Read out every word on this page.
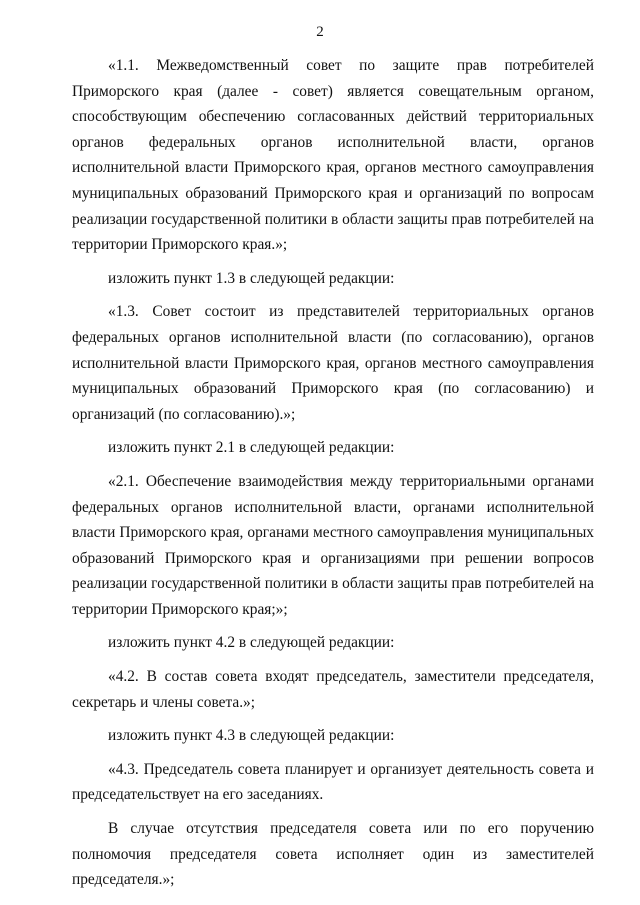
2

«1.1. Межведомственный совет по защите прав потребителей Приморского края (далее - совет) является совещательным органом, способствующим обеспечению согласованных действий территориальных органов федеральных органов исполнительной власти, органов исполнительной власти Приморского края, органов местного самоуправления муниципальных образований Приморского края и организаций по вопросам реализации государственной политики в области защиты прав потребителей на территории Приморского края.»;

изложить пункт 1.3 в следующей редакции:

«1.3. Совет состоит из представителей территориальных органов федеральных органов исполнительной власти (по согласованию), органов исполнительной власти Приморского края, органов местного самоуправления муниципальных образований Приморского края (по согласованию) и организаций (по согласованию).»;

изложить пункт 2.1 в следующей редакции:

«2.1. Обеспечение взаимодействия между территориальными органами федеральных органов исполнительной власти, органами исполнительной власти Приморского края, органами местного самоуправления муниципальных образований Приморского края и организациями при решении вопросов реализации государственной политики в области защиты прав потребителей на территории Приморского края;»;

изложить пункт 4.2 в следующей редакции:

«4.2. В состав совета входят председатель, заместители председателя, секретарь и члены совета.»;

изложить пункт 4.3 в следующей редакции:

«4.3. Председатель совета планирует и организует деятельность совета и председательствует на его заседаниях.

В случае отсутствия председателя совета или по его поручению полномочия председателя совета исполняет один из заместителей председателя.»;
